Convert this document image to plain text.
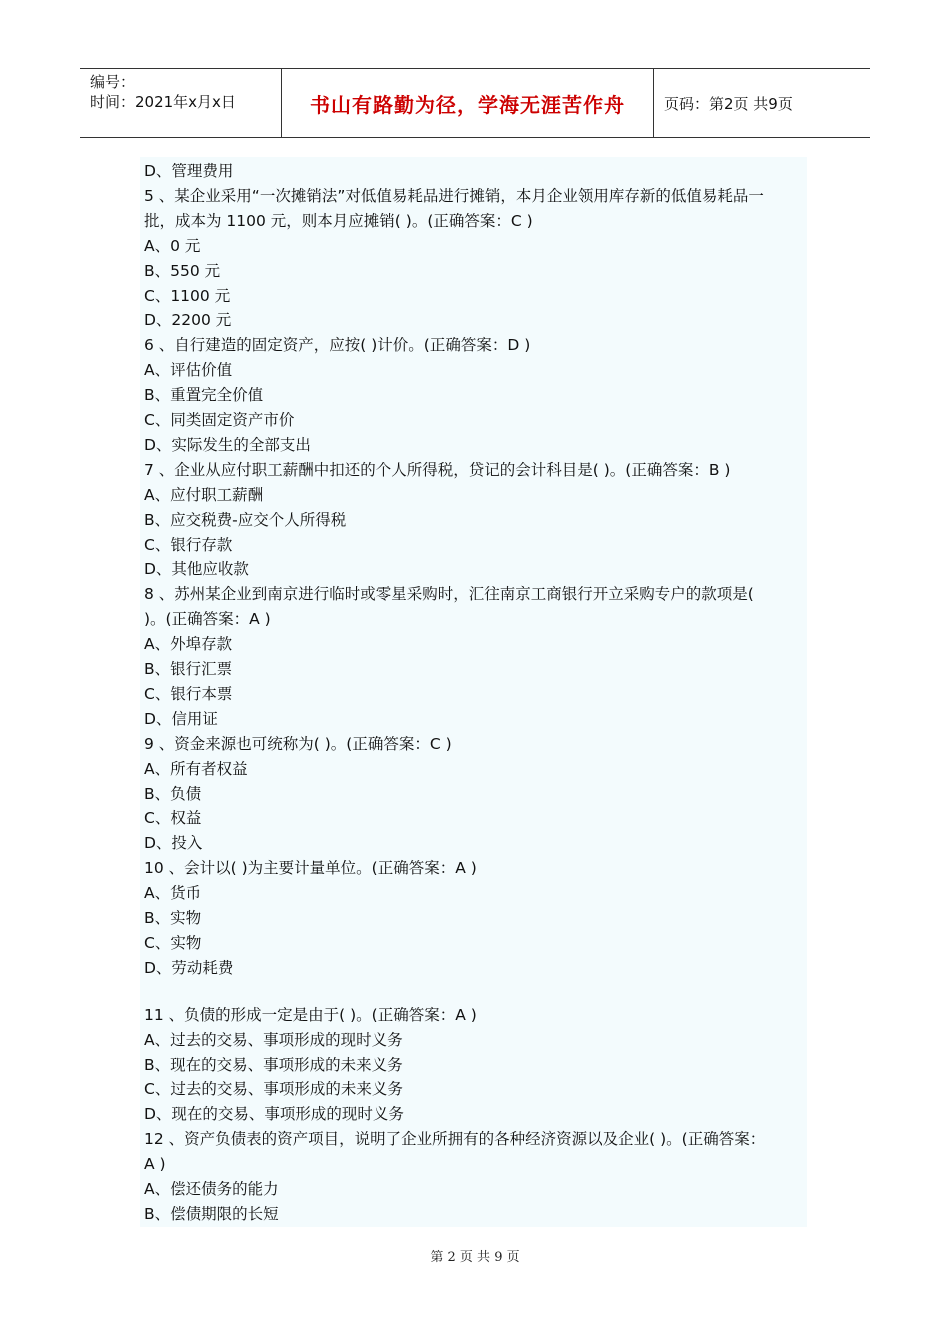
编号：
时间：2021年x月x日	书山有路勤为径，学海无涯苦作舟	页码：第2页 共9页
D、管理费用
5 、某企业采用“一次摊销法”对低值易耗品进行摊销，本月企业领用库存新的低值易耗品一
批，成本为 1100 元，则本月应摊销( )。(正确答案：C )
A、0 元
B、550 元
C、1100 元
D、2200 元
6 、自行建造的固定资产，应按( )计价。(正确答案：D )
A、评估价值
B、重置完全价值
C、同类固定资产市价
D、实际发生的全部支出
7 、企业从应付职工薪酬中扣还的个人所得税，贷记的会计科目是( )。(正确答案：B )
A、应付职工薪酬
B、应交税费-应交个人所得税
C、银行存款
D、其他应收款
8 、苏州某企业到南京进行临时或零星采购时，汇往南京工商银行开立采购专户的款项是(
)。(正确答案：A )
A、外埠存款
B、银行汇票
C、银行本票
D、信用证
9 、资金来源也可统称为( )。(正确答案：C )
A、所有者权益
B、负债
C、权益
D、投入
10 、会计以( )为主要计量单位。(正确答案：A )
A、货币
B、实物
C、实物
D、劳动耗费
11 、负债的形成一定是由于( )。(正确答案：A )
A、过去的交易、事项形成的现时义务
B、现在的交易、事项形成的未来义务
C、过去的交易、事项形成的未来义务
D、现在的交易、事项形成的现时义务
12 、资产负债表的资产项目，说明了企业所拥有的各种经济资源以及企业( )。(正确答案：
A )
A、偿还债务的能力
B、偿债期限的长短
第 2 页 共 9 页
